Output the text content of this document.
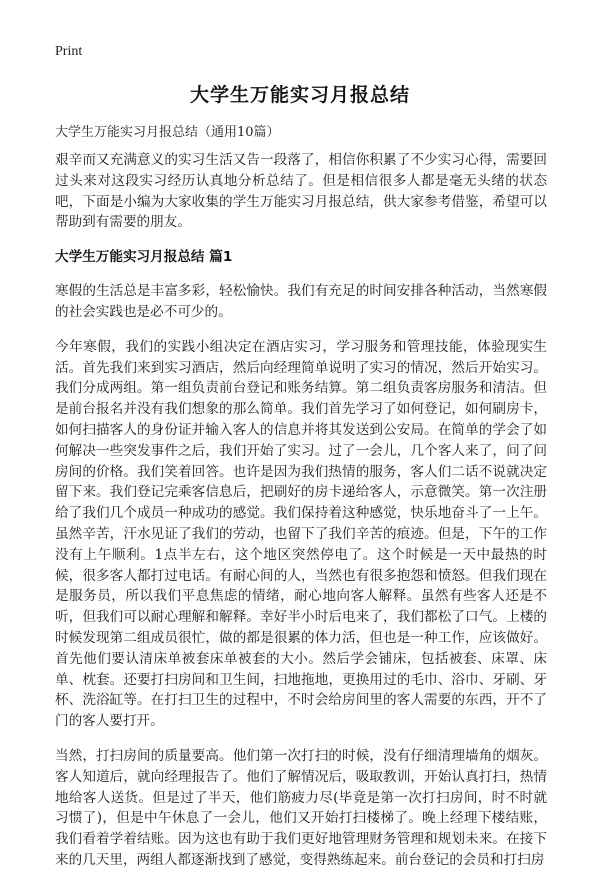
Print
大学生万能实习月报总结
大学生万能实习月报总结（通用10篇）

艰辛而又充满意义的实习生活又告一段落了，相信你积累了不少实习心得，需要回过头来对这段实习经历认真地分析总结了。但是相信很多人都是毫无头绪的状态吧，下面是小编为大家收集的学生万能实习月报总结，供大家参考借鉴，希望可以帮助到有需要的朋友。

大学生万能实习月报总结 篇1

寒假的生活总是丰富多彩，轻松愉快。我们有充足的时间安排各种活动，当然寒假的社会实践也是必不可少的。

今年寒假，我们的实践小组决定在酒店实习，学习服务和管理技能，体验现实生活。首先我们来到实习酒店，然后向经理简单说明了实习的情况，然后开始实习。我们分成两组。第一组负责前台登记和账务结算。第二组负责客房服务和清洁。但是前台报名并没有我们想象的那么简单。我们首先学习了如何登记，如何刷房卡，如何扫描客人的身份证并输入客人的信息并将其发送到公安局。在简单的学会了如何解决一些突发事件之后，我们开始了实习。过了一会儿，几个客人来了，问了问房间的价格。我们笑着回答。也许是因为我们热情的服务，客人们二话不说就决定留下来。我们登记完乘客信息后，把刷好的房卡递给客人，示意微笑。第一次注册给了我们几个成员一种成功的感觉。我们保持着这种感觉，快乐地奋斗了一上午。虽然辛苦，汗水见证了我们的劳动，也留下了我们辛苦的痕迹。但是，下午的工作没有上午顺利。1点半左右，这个地区突然停电了。这个时候是一天中最热的时候，很多客人都打过电话。有耐心间的人，当然也有很多抱怨和愤怒。但我们现在是服务员，所以我们平息焦虑的情绪，耐心地向客人解释。虽然有些客人还是不听，但我们可以耐心理解和解释。幸好半小时后电来了，我们都松了口气。上楼的时候发现第二组成员很忙，做的都是很累的体力活，但也是一种工作，应该做好。首先他们要认清床单被套床单被套的大小。然后学会铺床，包括被套、床罩、床单、枕套。还要打扫房间和卫生间，扫地拖地，更换用过的毛巾、浴巾、牙刷、牙杯、洗浴缸等。在打扫卫生的过程中，不时会给房间里的客人需要的东西，开不了门的客人要打开。

当然，打扫房间的质量要高。他们第一次打扫的时候，没有仔细清理墙角的烟灰。客人知道后，就向经理报告了。他们了解情况后，吸取教训，开始认真打扫，热情地给客人送货。但是过了半天，他们筋疲力尽(毕竟是第一次打扫房间，时不时就习惯了)，但是中午休息了一会儿，他们又开始打扫楼梯了。晚上经理下楼结账，我们看着学着结账。因为这也有助于我们更好地管理财务管理和规划未来。在接下来的几天里，两组人都逐渐找到了感觉，变得熟练起来。前台登记的会员和打扫房
